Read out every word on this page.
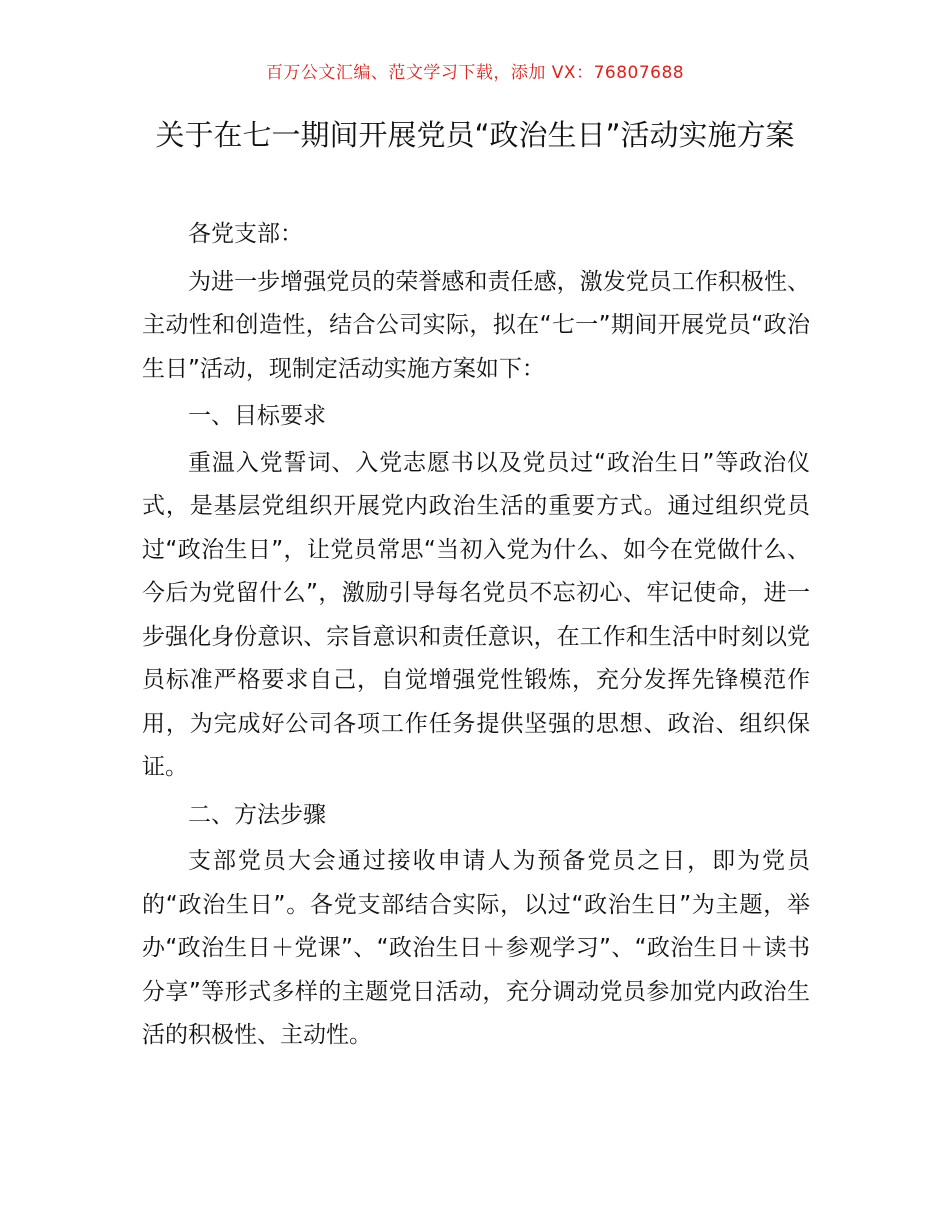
百万公文汇编、范文学习下载，添加 VX：76807688
关于在七一期间开展党员“政治生日”活动实施方案

各党支部：

为进一步增强党员的荣誉感和责任感，激发党员工作积极性、主动性和创造性，结合公司实际，拟在“七一”期间开展党员“政治生日”活动，现制定活动实施方案如下：

一、目标要求

重温入党誓词、入党志愿书以及党员过“政治生日”等政治仪式，是基层党组织开展党内政治生活的重要方式。通过组织党员过“政治生日”，让党员常思“当初入党为什么、如今在党做什么、今后为党留什么”，激励引导每名党员不忘初心、牢记使命，进一步强化身份意识、宗旨意识和责任意识，在工作和生活中时刻以党员标准严格要求自己，自觉增强党性锻炼，充分发挥先锋模范作用，为完成好公司各项工作任务提供坚强的思想、政治、组织保证。

二、方法步骤

支部党员大会通过接收申请人为预备党员之日，即为党员的“政治生日”。各党支部结合实际，以过“政治生日”为主题，举办“政治生日＋党课”、“政治生日＋参观学习”、“政治生日＋读书分享”等形式多样的主题党日活动，充分调动党员参加党内政治生活的积极性、主动性。
